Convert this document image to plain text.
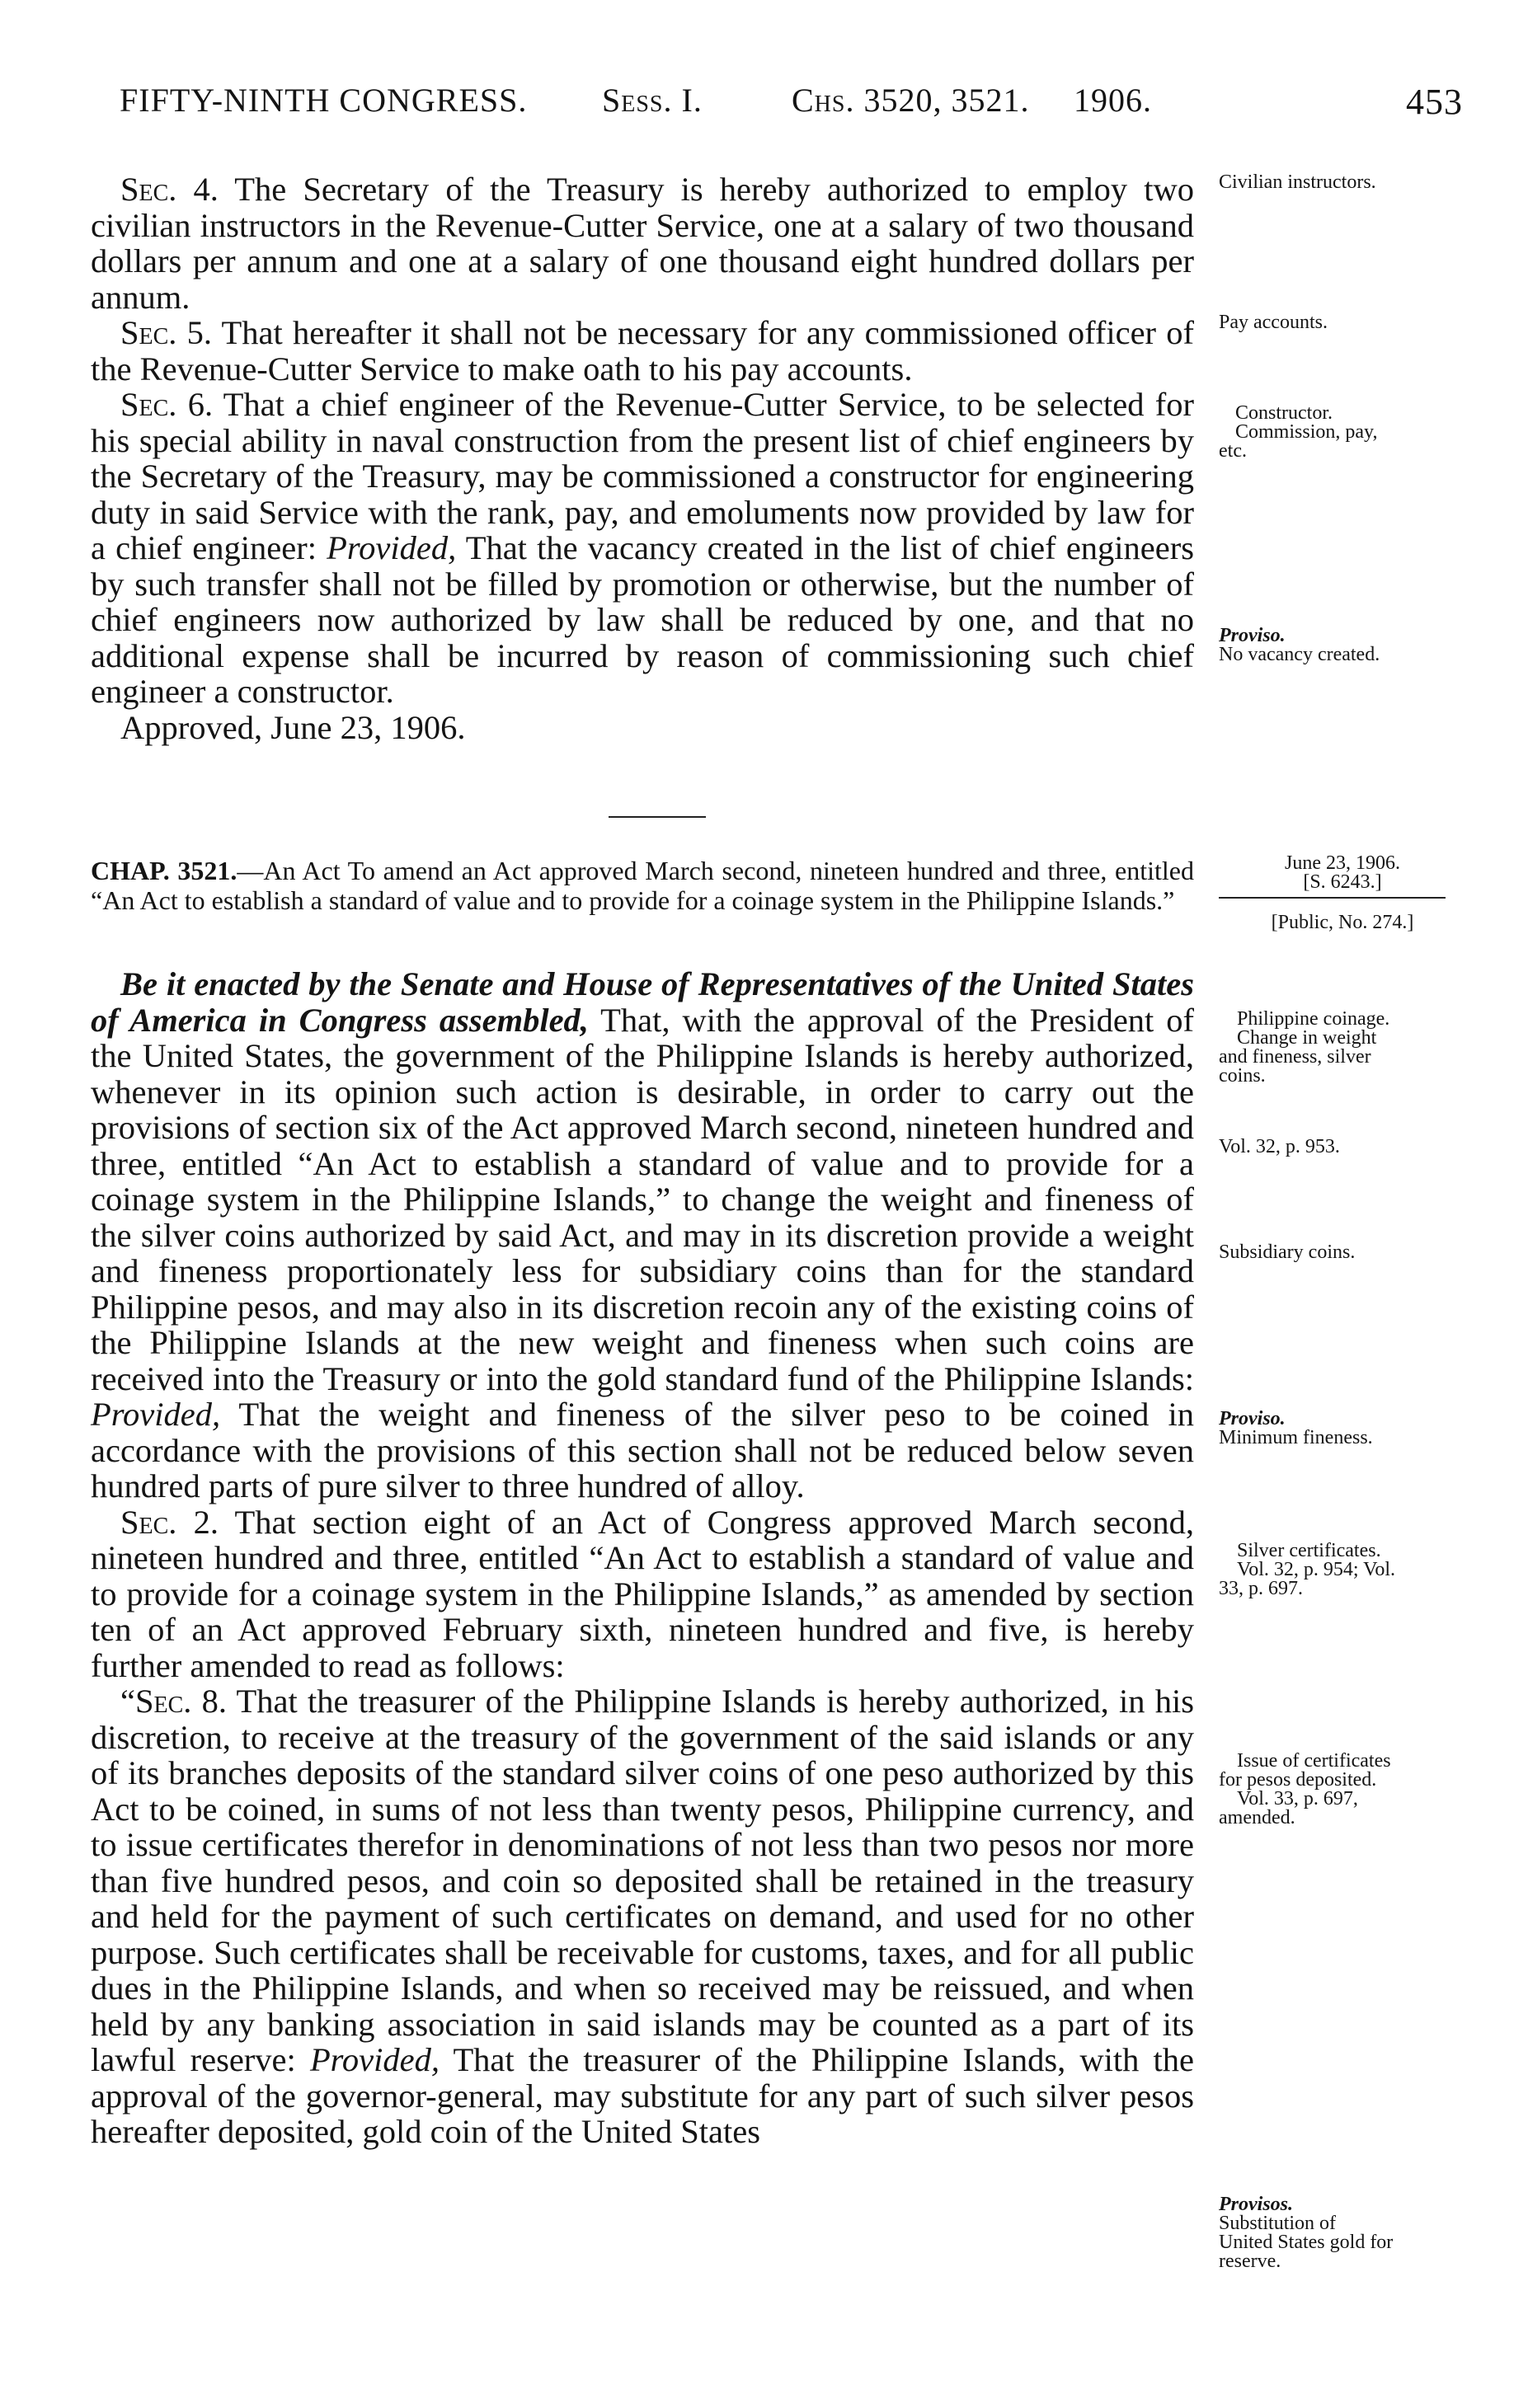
FIFTY-NINTH CONGRESS. Sess. I.	Chs. 3520, 3521. 1906.	453

Sec. 4. The Secretary of the Treasury is hereby authorized to employ two civilian instructors in the Revenue-Cutter Service, one at a salary of two thousand dollars per annum and one at a salary of one thousand eight hundred dollars per annum.

Sec. 5. That hereafter it shall not be necessary for any commissioned officer of the Revenue-Cutter Service to make oath to his pay accounts.

Sec. 6. That a chief engineer of the Revenue-Cutter Service, to be selected for his special ability in naval construction from the present list of chief engineers by the Secretary of the Treasury, may be commissioned a constructor for engineering duty in said Service with the rank, pay, and emoluments now provided by law for a chief engineer: Provided, That the vacancy created in the list of chief engineers by such transfer shall not be filled by promotion or otherwise, but the number of chief engineers now authorized by law shall be reduced by one, and that no additional expense shall be incurred by reason of commissioning such chief engineer a constructor.

Approved, June 23, 1906.

Civilian instructors.
Pay accounts.
Constructor.
Commission, pay,
etc.
Proviso.
No vacancy created.
CHAP. 3521.—An Act To amend an Act approved March second, nineteen hundred and three, entitled “An Act to establish a standard of value and to provide for a coinage system in the Philippine Islands.”
June 23, 1906.
[S. 6243.]
[Public, No. 274.]

Be it enacted by the Senate and House of Representatives of the United States of America in Congress assembled, That, with the approval of the President of the United States, the government of the Philippine Islands is hereby authorized, whenever in its opinion such action is desirable, in order to carry out the provisions of section six of the Act approved March second, nineteen hundred and three, entitled “An Act to establish a standard of value and to provide for a coinage system in the Philippine Islands,” to change the weight and fineness of the silver coins authorized by said Act, and may in its discretion provide a weight and fineness proportionately less for subsidiary coins than for the standard Philippine pesos, and may also in its discretion recoin any of the existing coins of the Philippine Islands at the new weight and fineness when such coins are received into the Treasury or into the gold standard fund of the Philippine Islands: Provided, That the weight and fineness of the silver peso to be coined in accordance with the provisions of this section shall not be reduced below seven hundred parts of pure silver to three hundred of alloy.

Sec. 2. That section eight of an Act of Congress approved March second, nineteen hundred and three, entitled “An Act to establish a standard of value and to provide for a coinage system in the Philippine Islands,” as amended by section ten of an Act approved February sixth, nineteen hundred and five, is hereby further amended to read as follows:

“Sec. 8. That the treasurer of the Philippine Islands is hereby authorized, in his discretion, to receive at the treasury of the government of the said islands or any of its branches deposits of the standard silver coins of one peso authorized by this Act to be coined, in sums of not less than twenty pesos, Philippine currency, and to issue certificates therefor in denominations of not less than two pesos nor more than five hundred pesos, and coin so deposited shall be retained in the treasury and held for the payment of such certificates on demand, and used for no other purpose. Such certificates shall be receivable for customs, taxes, and for all public dues in the Philippine Islands, and when so received may be reissued, and when held by any banking association in said islands may be counted as a part of its lawful reserve: Provided, That the treasurer of the Philippine Islands, with the approval of the governor-general, may substitute for any part of such silver pesos hereafter deposited, gold coin of the United States

Philippine coinage.
Change in weight
and fineness, silver
coins.
Vol. 32, p. 953.
Subsidiary coins.
Proviso.
Minimum fineness.
Silver certificates.
Vol. 32, p. 954; Vol.
33, p. 697.
Issue of certificates
for pesos deposited.
Vol. 33, p. 697,
amended.
Provisos.
Substitution of
United States gold for
reserve.
